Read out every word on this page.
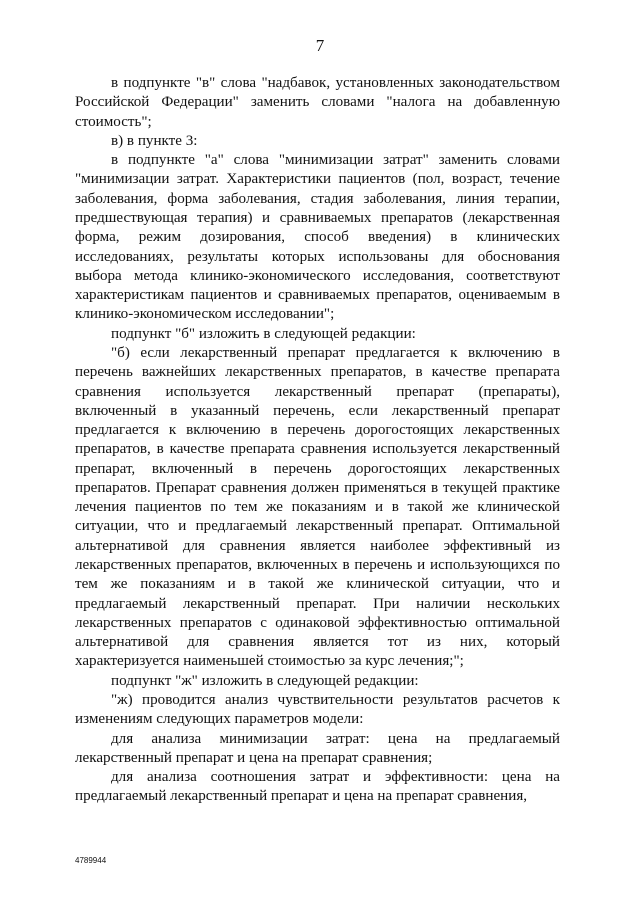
7

в подпункте "в" слова "надбавок, установленных законодательством Российской Федерации" заменить словами "налога на добавленную стоимость";

в) в пункте 3:

в подпункте "а" слова "минимизации затрат" заменить словами "минимизации затрат. Характеристики пациентов (пол, возраст, течение заболевания, форма заболевания, стадия заболевания, линия терапии, предшествующая терапия) и сравниваемых препаратов (лекарственная форма, режим дозирования, способ введения) в клинических исследованиях, результаты которых использованы для обоснования выбора метода клинико-экономического исследования, соответствуют характеристикам пациентов и сравниваемых препаратов, оцениваемым в клинико-экономическом исследовании";

подпункт "б" изложить в следующей редакции:

"б) если лекарственный препарат предлагается к включению в перечень важнейших лекарственных препаратов, в качестве препарата сравнения используется лекарственный препарат (препараты), включенный в указанный перечень, если лекарственный препарат предлагается к включению в перечень дорогостоящих лекарственных препаратов, в качестве препарата сравнения используется лекарственный препарат, включенный в перечень дорогостоящих лекарственных препаратов. Препарат сравнения должен применяться в текущей практике лечения пациентов по тем же показаниям и в такой же клинической ситуации, что и предлагаемый лекарственный препарат. Оптимальной альтернативой для сравнения является наиболее эффективный из лекарственных препаратов, включенных в перечень и использующихся по тем же показаниям и в такой же клинической ситуации, что и предлагаемый лекарственный препарат. При наличии нескольких лекарственных препаратов с одинаковой эффективностью оптимальной альтернативой для сравнения является тот из них, который характеризуется наименьшей стоимостью за курс лечения;";

подпункт "ж" изложить в следующей редакции:

"ж) проводится анализ чувствительности результатов расчетов к изменениям следующих параметров модели:

для анализа минимизации затрат: цена на предлагаемый лекарственный препарат и цена на препарат сравнения;

для анализа соотношения затрат и эффективности: цена на предлагаемый лекарственный препарат и цена на препарат сравнения,

4789944
